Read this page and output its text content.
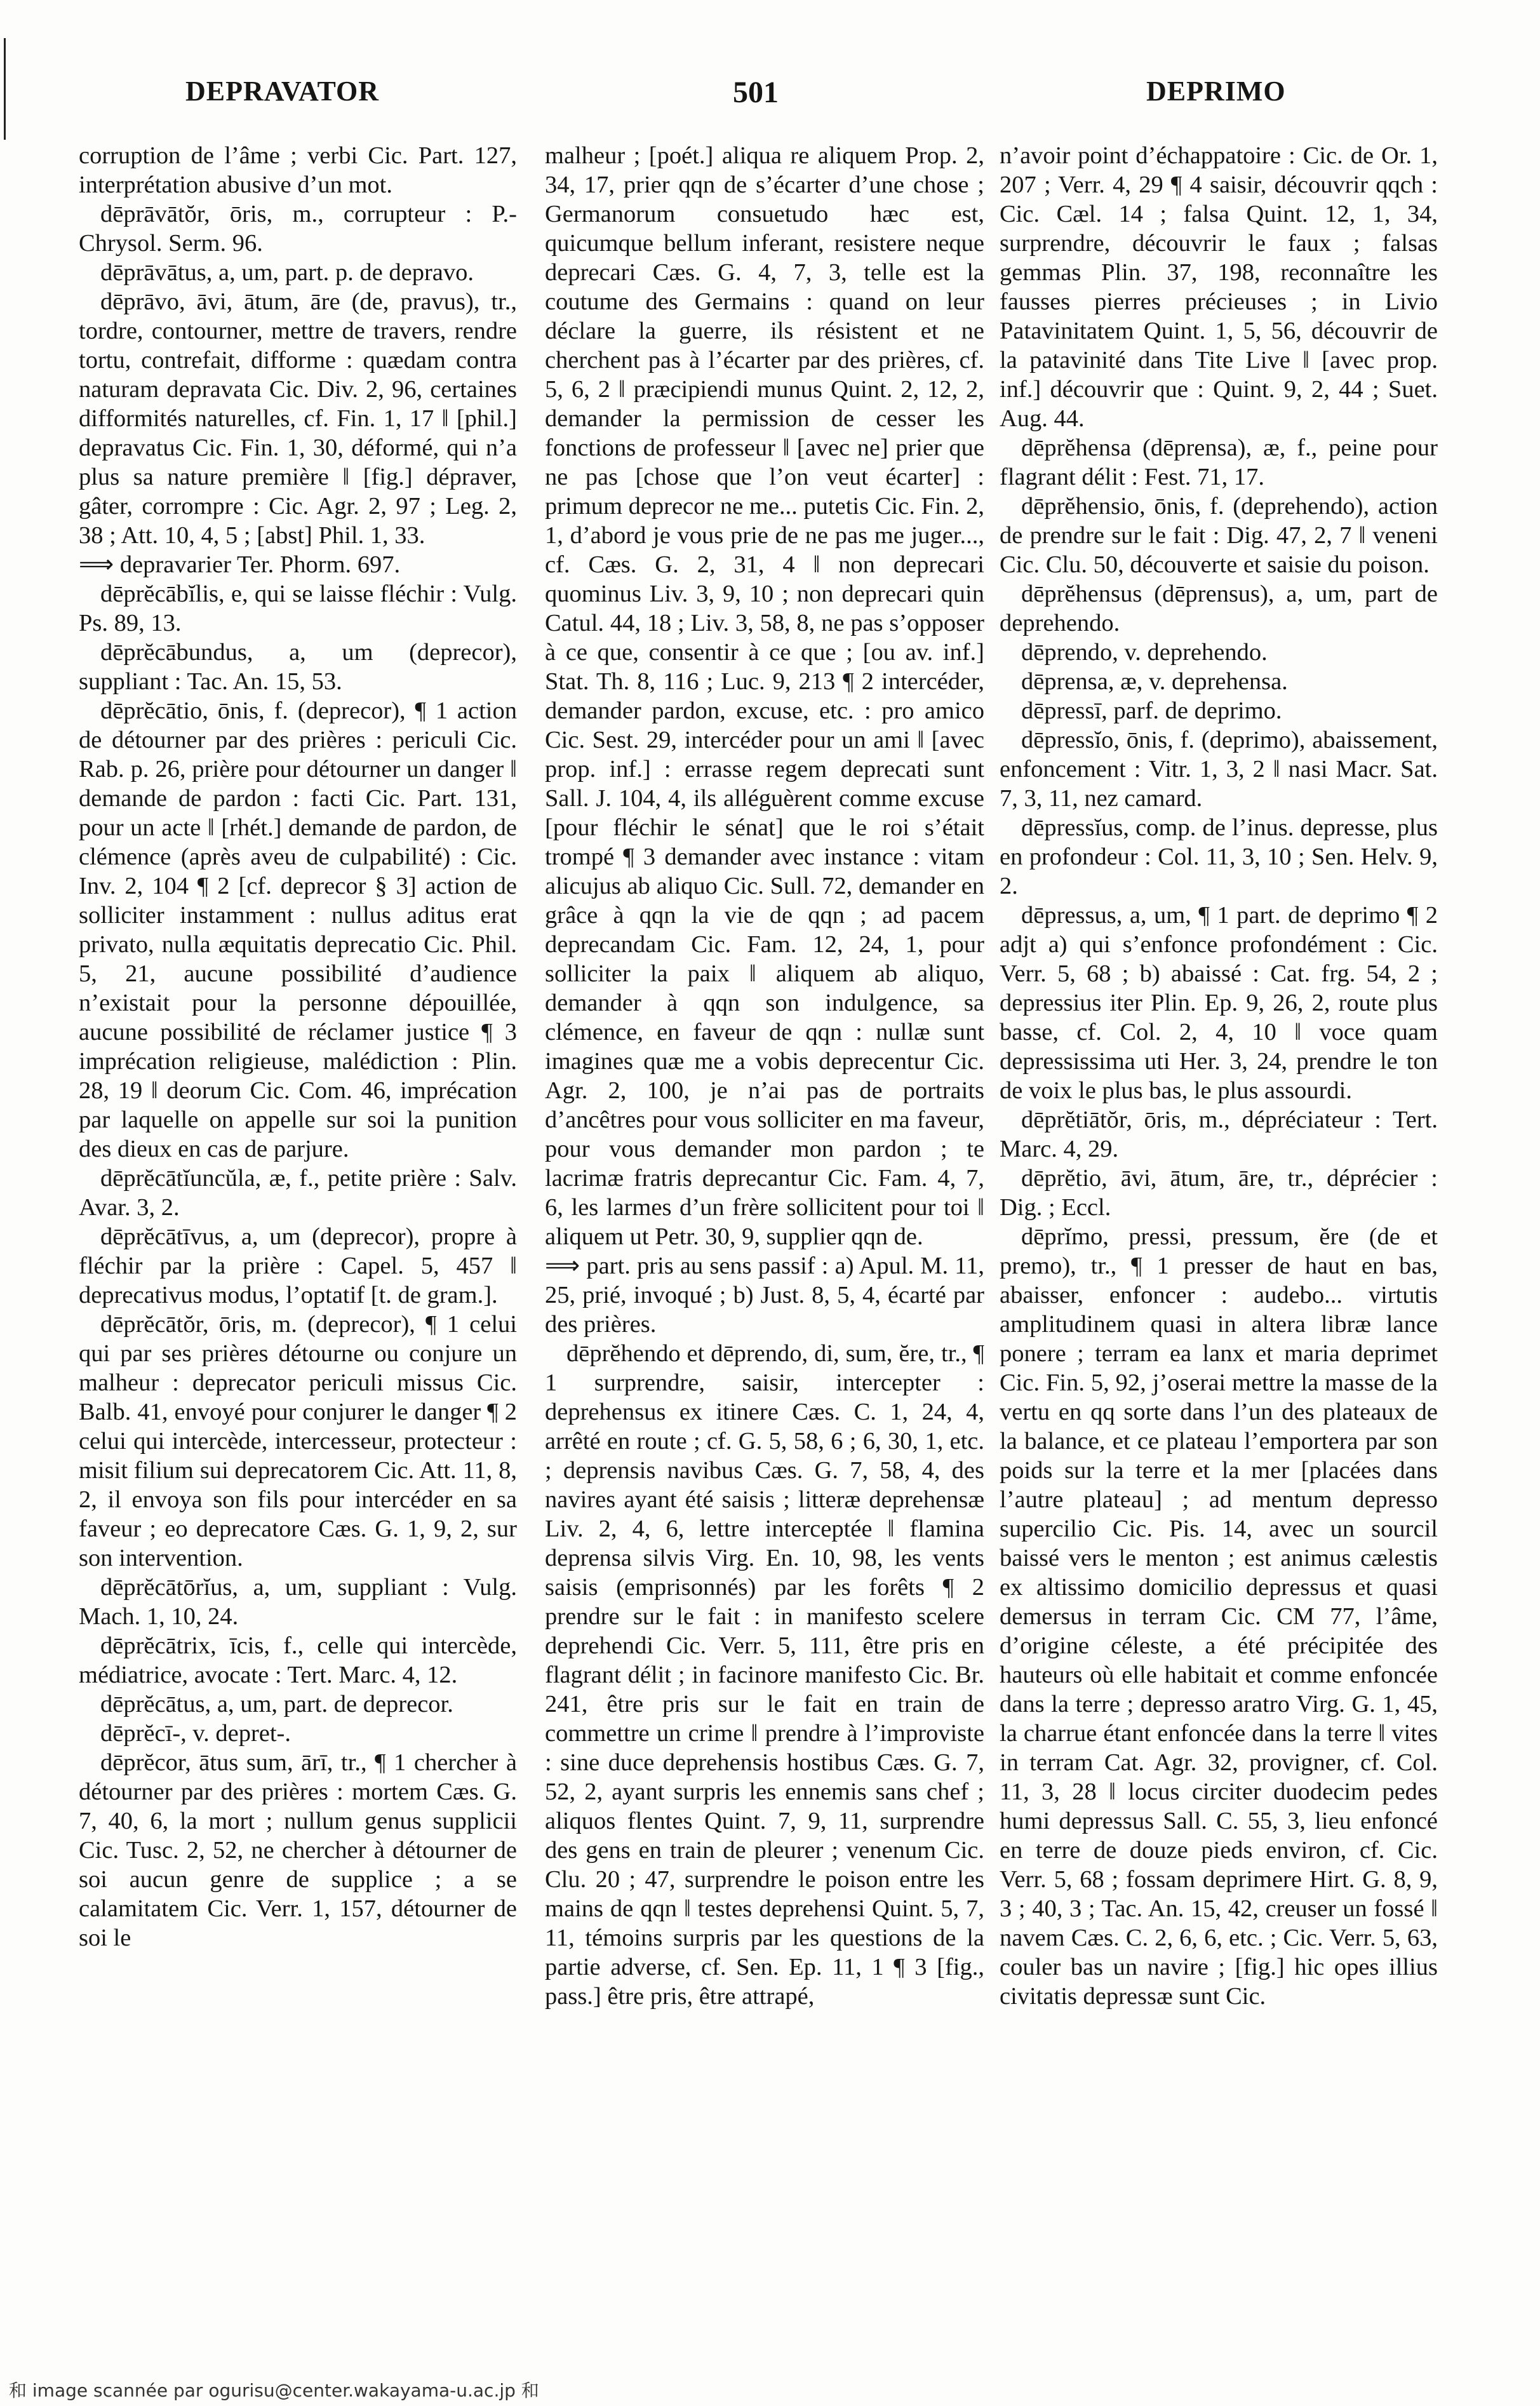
DEPRAVATOR	501	DEPRIMO

corruption de l’âme ; verbi Cic. Part. 127, interprétation abusive d’un mot.

dēprāvātŏr, ōris, m., corrupteur : P.-Chrysol. Serm. 96.

dēprāvātus, a, um, part. p. de depravo.

dēprāvo, āvi, ātum, āre (de, pravus), tr., tordre, contourner, mettre de travers, rendre tortu, contrefait, difforme : quædam contra naturam depravata Cic. Div. 2, 96, certaines difformités naturelles, cf. Fin. 1, 17 ‖ [phil.] depravatus Cic. Fin. 1, 30, déformé, qui n’a plus sa nature première ‖ [fig.] dépraver, gâter, corrompre : Cic. Agr. 2, 97 ; Leg. 2, 38 ; Att. 10, 4, 5 ; [abst] Phil. 1, 33.

⟹ depravarier Ter. Phorm. 697.

dēprĕcābĭlis, e, qui se laisse fléchir : Vulg. Ps. 89, 13.

dēprĕcābundus, a, um (deprecor), suppliant : Tac. An. 15, 53.

dēprĕcātio, ōnis, f. (deprecor), ¶ 1 action de détourner par des prières : periculi Cic. Rab. p. 26, prière pour détourner un danger ‖ demande de pardon : facti Cic. Part. 131, pour un acte ‖ [rhét.] demande de pardon, de clémence (après aveu de culpabilité) : Cic. Inv. 2, 104 ¶ 2 [cf. deprecor § 3] action de solliciter instamment : nullus aditus erat privato, nulla æquitatis deprecatio Cic. Phil. 5, 21, aucune possibilité d’audience n’existait pour la personne dépouillée, aucune possibilité de réclamer justice ¶ 3 imprécation religieuse, malédiction : Plin. 28, 19 ‖ deorum Cic. Com. 46, imprécation par laquelle on appelle sur soi la punition des dieux en cas de parjure.

dēprĕcātĭuncŭla, æ, f., petite prière : Salv. Avar. 3, 2.

dēprĕcātīvus, a, um (deprecor), propre à fléchir par la prière : Capel. 5, 457 ‖ deprecativus modus, l’optatif [t. de gram.].

dēprĕcātŏr, ōris, m. (deprecor), ¶ 1 celui qui par ses prières détourne ou conjure un malheur : deprecator periculi missus Cic. Balb. 41, envoyé pour conjurer le danger ¶ 2 celui qui intercède, intercesseur, protecteur : misit filium sui deprecatorem Cic. Att. 11, 8, 2, il envoya son fils pour intercéder en sa faveur ; eo deprecatore Cæs. G. 1, 9, 2, sur son intervention.

dēprĕcātōrĭus, a, um, suppliant : Vulg. Mach. 1, 10, 24.

dēprĕcātrix, īcis, f., celle qui intercède, médiatrice, avocate : Tert. Marc. 4, 12.

dēprĕcātus, a, um, part. de deprecor.

dēprĕcī-, v. depret-.

dēprĕcor, ātus sum, ārī, tr., ¶ 1 chercher à détourner par des prières : mortem Cæs. G. 7, 40, 6, la mort ; nullum genus supplicii Cic. Tusc. 2, 52, ne chercher à détourner de soi aucun genre de supplice ; a se calamitatem Cic. Verr. 1, 157, détourner de soi le

malheur ; [poét.] aliqua re aliquem Prop. 2, 34, 17, prier qqn de s’écarter d’une chose ; Germanorum consuetudo hæc est, quicumque bellum inferant, resistere neque deprecari Cæs. G. 4, 7, 3, telle est la coutume des Germains : quand on leur déclare la guerre, ils résistent et ne cherchent pas à l’écarter par des prières, cf. 5, 6, 2 ‖ præcipiendi munus Quint. 2, 12, 2, demander la permission de cesser les fonctions de professeur ‖ [avec ne] prier que ne pas [chose que l’on veut écarter] : primum deprecor ne me... putetis Cic. Fin. 2, 1, d’abord je vous prie de ne pas me juger..., cf. Cæs. G. 2, 31, 4 ‖ non deprecari quominus Liv. 3, 9, 10 ; non deprecari quin Catul. 44, 18 ; Liv. 3, 58, 8, ne pas s’opposer à ce que, consentir à ce que ; [ou av. inf.] Stat. Th. 8, 116 ; Luc. 9, 213 ¶ 2 intercéder, demander pardon, excuse, etc. : pro amico Cic. Sest. 29, intercéder pour un ami ‖ [avec prop. inf.] : errasse regem deprecati sunt Sall. J. 104, 4, ils alléguèrent comme excuse [pour fléchir le sénat] que le roi s’était trompé ¶ 3 demander avec instance : vitam alicujus ab aliquo Cic. Sull. 72, demander en grâce à qqn la vie de qqn ; ad pacem deprecandam Cic. Fam. 12, 24, 1, pour solliciter la paix ‖ aliquem ab aliquo, demander à qqn son indulgence, sa clémence, en faveur de qqn : nullæ sunt imagines quæ me a vobis deprecentur Cic. Agr. 2, 100, je n’ai pas de portraits d’ancêtres pour vous solliciter en ma faveur, pour vous demander mon pardon ; te lacrimæ fratris deprecantur Cic. Fam. 4, 7, 6, les larmes d’un frère sollicitent pour toi ‖ aliquem ut Petr. 30, 9, supplier qqn de.

⟹ part. pris au sens passif : a) Apul. M. 11, 25, prié, invoqué ; b) Just. 8, 5, 4, écarté par des prières.

dēprĕhendo et dēprendo, di, sum, ĕre, tr., ¶ 1 surprendre, saisir, intercepter : deprehensus ex itinere Cæs. C. 1, 24, 4, arrêté en route ; cf. G. 5, 58, 6 ; 6, 30, 1, etc. ; deprensis navibus Cæs. G. 7, 58, 4, des navires ayant été saisis ; litteræ deprehensæ Liv. 2, 4, 6, lettre interceptée ‖ flamina deprensa silvis Virg. En. 10, 98, les vents saisis (emprisonnés) par les forêts ¶ 2 prendre sur le fait : in manifesto scelere deprehendi Cic. Verr. 5, 111, être pris en flagrant délit ; in facinore manifesto Cic. Br. 241, être pris sur le fait en train de commettre un crime ‖ prendre à l’improviste : sine duce deprehensis hostibus Cæs. G. 7, 52, 2, ayant surpris les ennemis sans chef ; aliquos flentes Quint. 7, 9, 11, surprendre des gens en train de pleurer ; venenum Cic. Clu. 20 ; 47, surprendre le poison entre les mains de qqn ‖ testes deprehensi Quint. 5, 7, 11, témoins surpris par les questions de la partie adverse, cf. Sen. Ep. 11, 1 ¶ 3 [fig., pass.] être pris, être attrapé,

n’avoir point d’échappatoire : Cic. de Or. 1, 207 ; Verr. 4, 29 ¶ 4 saisir, découvrir qqch : Cic. Cæl. 14 ; falsa Quint. 12, 1, 34, surprendre, découvrir le faux ; falsas gemmas Plin. 37, 198, reconnaître les fausses pierres précieuses ; in Livio Patavinitatem Quint. 1, 5, 56, découvrir de la patavinité dans Tite Live ‖ [avec prop. inf.] découvrir que : Quint. 9, 2, 44 ; Suet. Aug. 44.

dēprĕhensa (dēprensa), æ, f., peine pour flagrant délit : Fest. 71, 17.

dēprĕhensio, ōnis, f. (deprehendo), action de prendre sur le fait : Dig. 47, 2, 7 ‖ veneni Cic. Clu. 50, découverte et saisie du poison.

dēprĕhensus (dēprensus), a, um, part de deprehendo.

dēprendo, v. deprehendo.

dēprensa, æ, v. deprehensa.

dēpressī, parf. de deprimo.

dēpressĭo, ōnis, f. (deprimo), abaissement, enfoncement : Vitr. 1, 3, 2 ‖ nasi Macr. Sat. 7, 3, 11, nez camard.

dēpressĭus, comp. de l’inus. depresse, plus en profondeur : Col. 11, 3, 10 ; Sen. Helv. 9, 2.

dēpressus, a, um, ¶ 1 part. de deprimo ¶ 2 adjt a) qui s’enfonce profondément : Cic. Verr. 5, 68 ; b) abaissé : Cat. frg. 54, 2 ; depressius iter Plin. Ep. 9, 26, 2, route plus basse, cf. Col. 2, 4, 10 ‖ voce quam depressissima uti Her. 3, 24, prendre le ton de voix le plus bas, le plus assourdi.

dēprĕtiātŏr, ōris, m., dépréciateur : Tert. Marc. 4, 29.

dēprĕtio, āvi, ātum, āre, tr., déprécier : Dig. ; Eccl.

dēprĭmo, pressi, pressum, ĕre (de et premo), tr., ¶ 1 presser de haut en bas, abaisser, enfoncer : audebo... virtutis amplitudinem quasi in altera libræ lance ponere ; terram ea lanx et maria deprimet Cic. Fin. 5, 92, j’oserai mettre la masse de la vertu en qq sorte dans l’un des plateaux de la balance, et ce plateau l’emportera par son poids sur la terre et la mer [placées dans l’autre plateau] ; ad mentum depresso supercilio Cic. Pis. 14, avec un sourcil baissé vers le menton ; est animus cælestis ex altissimo domicilio depressus et quasi demersus in terram Cic. CM 77, l’âme, d’origine céleste, a été précipitée des hauteurs où elle habitait et comme enfoncée dans la terre ; depresso aratro Virg. G. 1, 45, la charrue étant enfoncée dans la terre ‖ vites in terram Cat. Agr. 32, provigner, cf. Col. 11, 3, 28 ‖ locus circiter duodecim pedes humi depressus Sall. C. 55, 3, lieu enfoncé en terre de douze pieds environ, cf. Cic. Verr. 5, 68 ; fossam deprimere Hirt. G. 8, 9, 3 ; 40, 3 ; Tac. An. 15, 42, creuser un fossé ‖ navem Cæs. C. 2, 6, 6, etc. ; Cic. Verr. 5, 63, couler bas un navire ; [fig.] hic opes illius civitatis depressæ sunt Cic.

和 image scannée par ogurisu@center.wakayama-u.ac.jp 和
